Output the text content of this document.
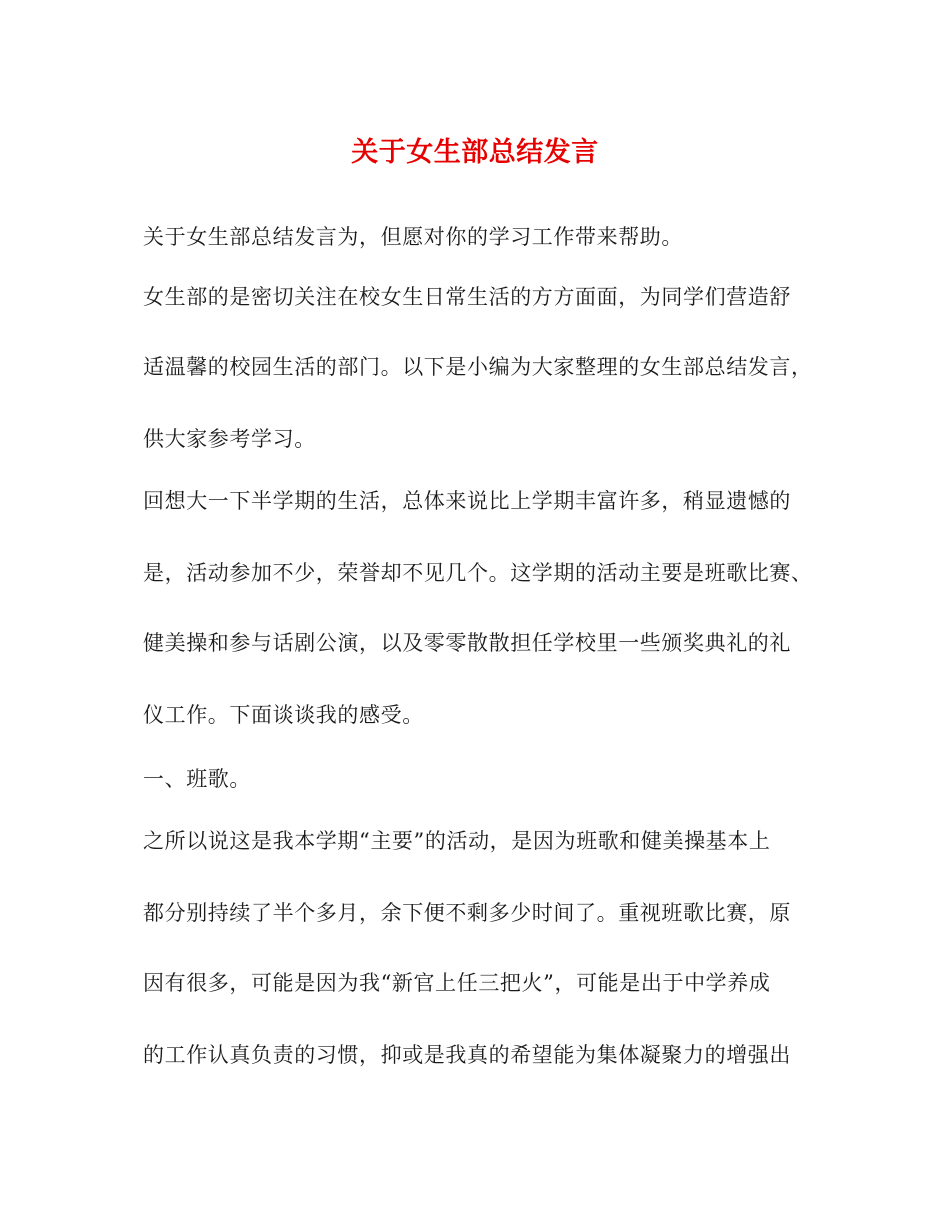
关于女生部总结发言
关于女生部总结发言为，但愿对你的学习工作带来帮助。
女生部的是密切关注在校女生日常生活的方方面面，为同学们营造舒
适温馨的校园生活的部门。以下是小编为大家整理的女生部总结发言，
供大家参考学习。
回想大一下半学期的生活，总体来说比上学期丰富许多，稍显遗憾的
是，活动参加不少，荣誉却不见几个。这学期的活动主要是班歌比赛、
健美操和参与话剧公演，以及零零散散担任学校里一些颁奖典礼的礼
仪工作。下面谈谈我的感受。
一、班歌。
之所以说这是我本学期“主要”的活动，是因为班歌和健美操基本上
都分别持续了半个多月，余下便不剩多少时间了。重视班歌比赛，原
因有很多，可能是因为我“新官上任三把火”，可能是出于中学养成
的工作认真负责的习惯，抑或是我真的希望能为集体凝聚力的增强出
